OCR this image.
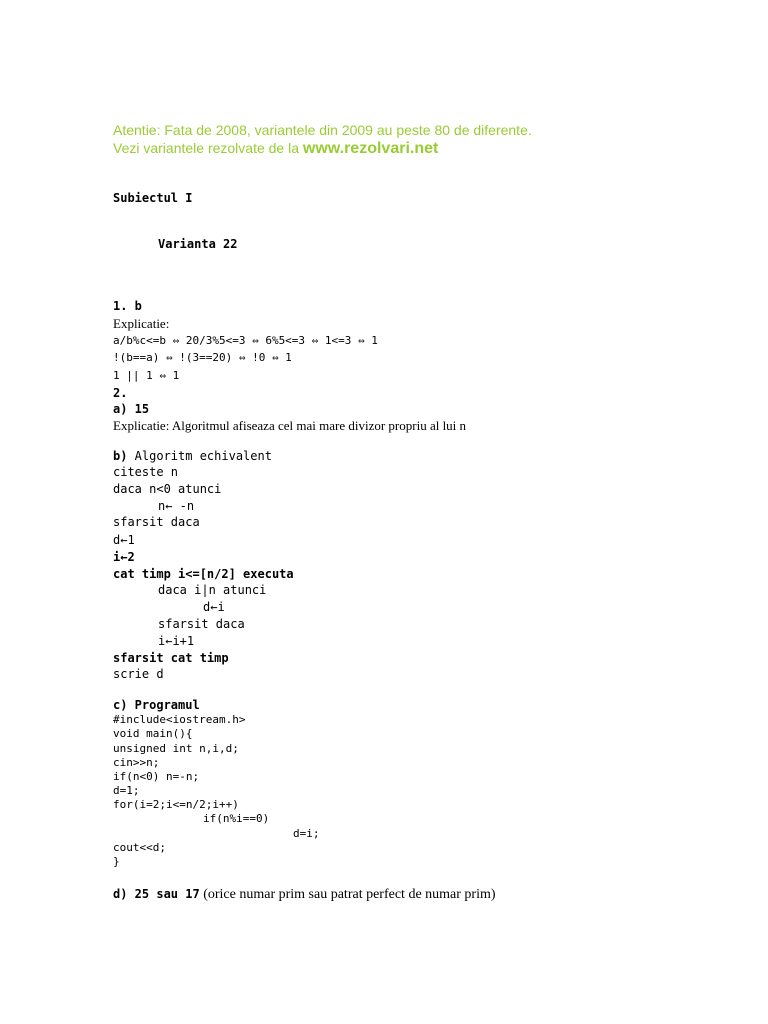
Atentie: Fata de 2008, variantele din 2009 au peste 80 de diferente.
Vezi variantele rezolvate de la www.rezolvari.net
Subiectul I
Varianta 22
1. b
Explicatie:
a/b%c<=b ⇔ 20/3%5<=3 ⇔ 6%5<=3 ⇔ 1<=3 ⇔ 1
!(b==a) ⇔ !(3==20) ⇔ !0 ⇔ 1
1 || 1 ⇔ 1
2.
a) 15
Explicatie: Algoritmul afiseaza cel mai mare divizor propriu al lui n
b) Algoritm echivalent
citeste n
daca n<0 atunci
n← -n
sfarsit daca
d←1
i←2
cat timp i<=[n/2] executa
daca i|n atunci
d←i
sfarsit daca
i←i+1
sfarsit cat timp
scrie d
c) Programul
#include<iostream.h>
void main(){
unsigned int n,i,d;
cin>>n;
if(n<0) n=-n;
d=1;
for(i=2;i<=n/2;i++)
if(n%i==0)
d=i;
cout<<d;
}
d) 25 sau 17 (orice numar prim sau patrat perfect de numar prim)
